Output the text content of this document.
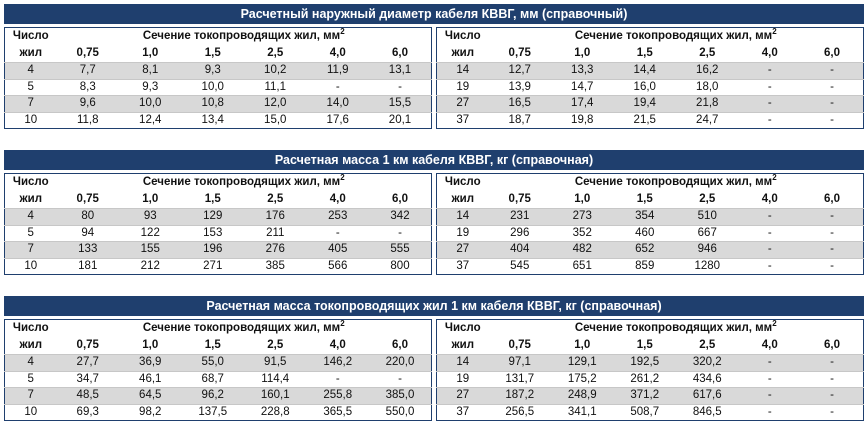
Расчетный наружный диаметр кабеля КВВГ, мм (справочный)
Число	Сечение токопроводящих жил, $мм^2$
жил	0,75	1,0	1,5	2,5	4,0	6,0
4	7,7	8,1	9,3	10,2	11,9	13,1
5	8,3	9,3	10,0	11,1	-	-
7	9,6	10,0	10,8	12,0	14,0	15,5
10	11,8	12,4	13,4	15,0	17,6	20,1
Число	Сечение токопроводящих жил, $мм^2$
жил	0,75	1,0	1,5	2,5	4,0	6,0
14	12,7	13,3	14,4	16,2	-	-
19	13,9	14,7	16,0	18,0	-	-
27	16,5	17,4	19,4	21,8	-	-
37	18,7	19,8	21,5	24,7	-	-
Расчетная масса 1 км кабеля КВВГ, кг (справочная)
Число	Сечение токопроводящих жил, $мм^2$
жил	0,75	1,0	1,5	2,5	4,0	6,0
4	80	93	129	176	253	342
5	94	122	153	211	-	-
7	133	155	196	276	405	555
10	181	212	271	385	566	800
Число	Сечение токопроводящих жил, $мм^2$
жил	0,75	1,0	1,5	2,5	4,0	6,0
14	231	273	354	510	-	-
19	296	352	460	667	-	-
27	404	482	652	946	-	-
37	545	651	859	1280	-	-
Расчетная масса токопроводящих жил 1 км кабеля КВВГ, кг (справочная)
Число	Сечение токопроводящих жил, $мм^2$
жил	0,75	1,0	1,5	2,5	4,0	6,0
4	27,7	36,9	55,0	91,5	146,2	220,0
5	34,7	46,1	68,7	114,4	-	-
7	48,5	64,5	96,2	160,1	255,8	385,0
10	69,3	98,2	137,5	228,8	365,5	550,0
Число	Сечение токопроводящих жил, $мм^2$
жил	0,75	1,0	1,5	2,5	4,0	6,0
14	97,1	129,1	192,5	320,2	-	-
19	131,7	175,2	261,2	434,6	-	-
27	187,2	248,9	371,2	617,6	-	-
37	256,5	341,1	508,7	846,5	-	-
